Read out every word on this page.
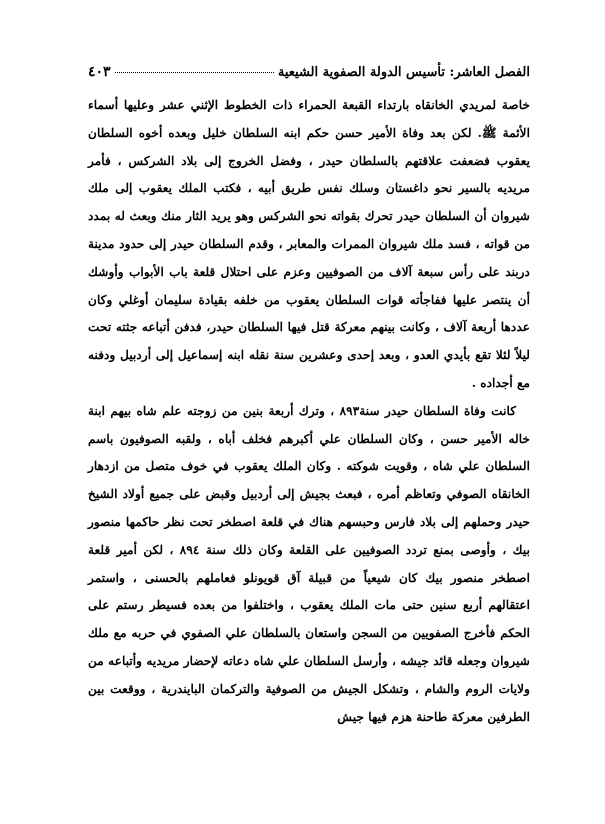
الفصل العاشر: تأسيس الدولة الصفوية الشيعية
٤٠٣

خاصة لمريدي الخانقاه بارتداء القبعة الحمراء ذات الخطوط الإثني عشر وعليها أسماء الأئمة ﷺ. لكن بعد وفاة الأمير حسن حكم ابنه السلطان خليل وبعده أخوه السلطان يعقوب فضعفت علاقتهم بالسلطان حيدر ، وفضل الخروج إلى بلاد الشركس ، فأمر مريديه بالسير نحو داغستان وسلك نفس طريق أبيه ، فكتب الملك يعقوب إلى ملك شيروان أن السلطان حيدر تحرك بقواته نحو الشركس وهو يريد الثار منك وبعث له بمدد من قواته ، فسد ملك شيروان الممرات والمعابر ، وقدم السلطان حيدر إلى حدود مدينة دربند على رأس سبعة آلاف من الصوفيين وعزم على احتلال قلعة باب الأبواب وأوشك أن ينتصر عليها ففاجأته قوات السلطان يعقوب من خلفه بقيادة سليمان أوغلي وكان عددها أربعة آلاف ، وكانت بينهم معركة قتل فيها السلطان حيدر، فدفن أتباعه جثته تحت ليلاً لئلا تقع بأيدي العدو ، وبعد إحدى وعشرين سنة نقله ابنه إسماعيل إلى أردبيل ودفنه مع أجداده .

كانت وفاة السلطان حيدر سنة٨٩٣ ، وترك أربعة بنين من زوجته علم شاه بيهم ابنة خاله الأمير حسن ، وكان السلطان علي أكبرهم فخلف أباه ، ولقبه الصوفيون باسم السلطان علي شاه ، وقويت شوكته . وكان الملك يعقوب في خوف متصل من ازدهار الخانقاه الصوفي وتعاظم أمره ، فبعث بجيش إلى أردبيل وقبض على جميع أولاد الشيخ حيدر وحملهم إلى بلاد فارس وحبسهم هناك في قلعة اصطخر تحت نظر حاكمها منصور بيك ، وأوصى بمنع تردد الصوفيين على القلعة وكان ذلك سنة ٨٩٤ ، لكن أمير قلعة اصطخر منصور بيك كان شيعياً من قبيلة آق قويونلو فعاملهم بالحسنى ، واستمر اعتقالهم أربع سنين حتى مات الملك يعقوب ، واختلفوا من بعده فسيطر رستم على الحكم فأخرج الصفويين من السجن واستعان بالسلطان علي الصفوي في حربه مع ملك شيروان وجعله قائد جيشه ، وأرسل السلطان علي شاه دعاته لإحضار مريديه وأتباعه من ولايات الروم والشام ، وتشكل الجيش من الصوفية والتركمان البايندرية ، ووقعت بين الطرفين معركة طاحنة هزم فيها جيش
